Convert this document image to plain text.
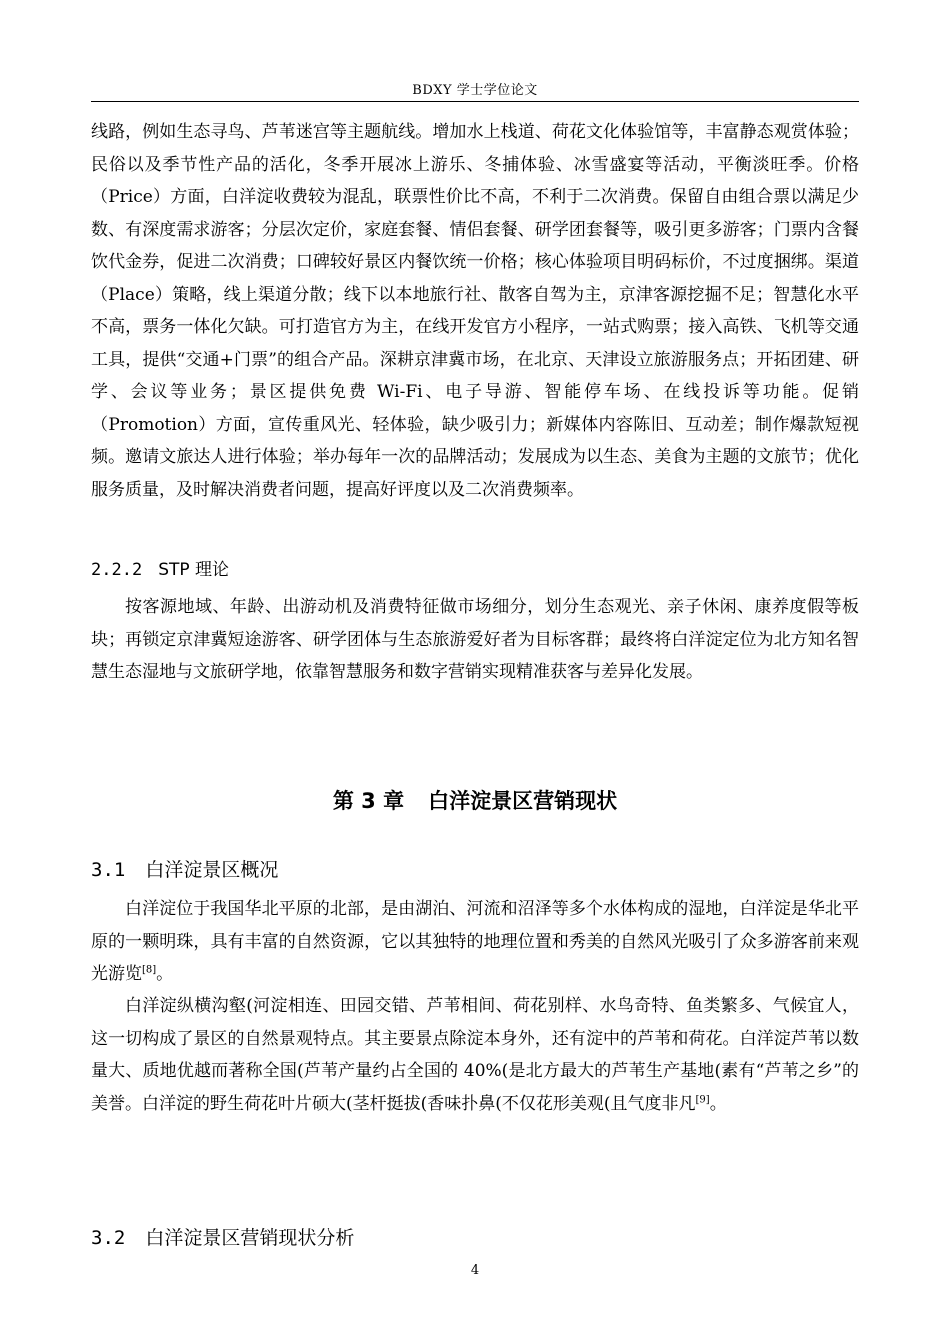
BDXY 学士学位论文

线路，例如生态寻鸟、芦苇迷宫等主题航线。增加水上栈道、荷花文化体验馆等，丰富静态观赏体验；民俗以及季节性产品的活化，冬季开展冰上游乐、冬捕体验、冰雪盛宴等活动，平衡淡旺季。价格（Price）方面，白洋淀收费较为混乱，联票性价比不高，不利于二次消费。保留自由组合票以满足少数、有深度需求游客；分层次定价，家庭套餐、情侣套餐、研学团套餐等，吸引更多游客；门票内含餐饮代金券，促进二次消费；口碑较好景区内餐饮统一价格；核心体验项目明码标价，不过度捆绑。渠道（Place）策略，线上渠道分散；线下以本地旅行社、散客自驾为主，京津客源挖掘不足；智慧化水平不高，票务一体化欠缺。可打造官方为主，在线开发官方小程序，一站式购票；接入高铁、飞机等交通工具，提供“交通+门票”的组合产品。深耕京津冀市场，在北京、天津设立旅游服务点；开拓团建、研学、会议等业务；景区提供免费 Wi-Fi、电子导游、智能停车场、在线投诉等功能。促销（Promotion）方面，宣传重风光、轻体验，缺少吸引力；新媒体内容陈旧、互动差；制作爆款短视频。邀请文旅达人进行体验；举办每年一次的品牌活动；发展成为以生态、美食为主题的文旅节；优化服务质量，及时解决消费者问题，提高好评度以及二次消费频率。

2.2.2 STP 理论

按客源地域、年龄、出游动机及消费特征做市场细分，划分生态观光、亲子休闲、康养度假等板块；再锁定京津冀短途游客、研学团体与生态旅游爱好者为目标客群；最终将白洋淀定位为北方知名智慧生态湿地与文旅研学地，依靠智慧服务和数字营销实现精准获客与差异化发展。

第 3 章 白洋淀景区营销现状
3.1 白洋淀景区概况

白洋淀位于我国华北平原的北部，是由湖泊、河流和沼泽等多个水体构成的湿地，白洋淀是华北平原的一颗明珠，具有丰富的自然资源，它以其独特的地理位置和秀美的自然风光吸引了众多游客前来观光游览[8]。

白洋淀纵横沟壑(河淀相连、田园交错、芦苇相间、荷花别样、水鸟奇特、鱼类繁多、气候宜人，这一切构成了景区的自然景观特点。其主要景点除淀本身外，还有淀中的芦苇和荷花。白洋淀芦苇以数量大、质地优越而著称全国(芦苇产量约占全国的 40%(是北方最大的芦苇生产基地(素有“芦苇之乡”的美誉。白洋淀的野生荷花叶片硕大(茎杆挺拔(香味扑鼻(不仅花形美观(且气度非凡[9]。

3.2 白洋淀景区营销现状分析
4
